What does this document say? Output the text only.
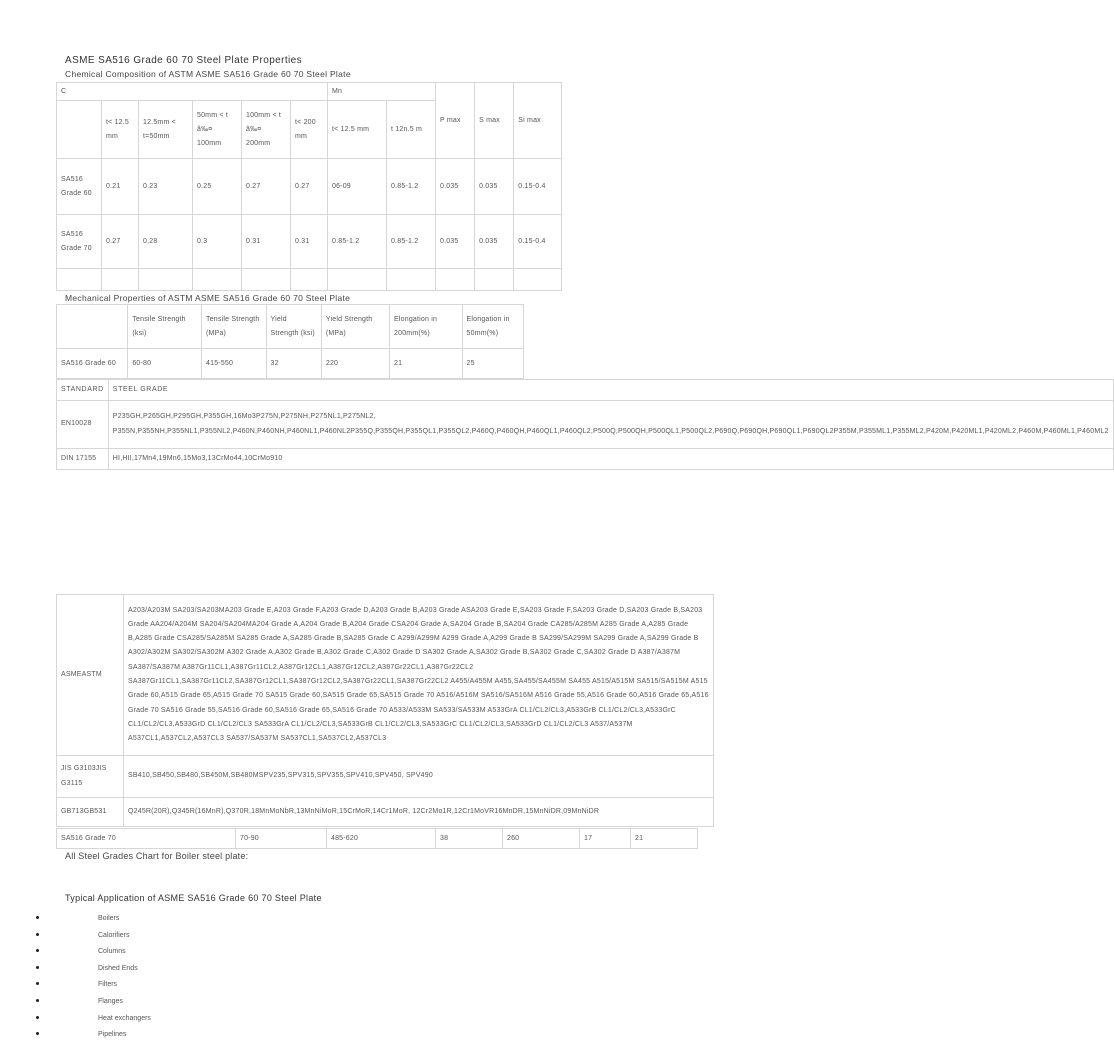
ASME SA516 Grade 60 70 Steel Plate Properties
Chemical Composition of ASTM ASME SA516 Grade 60 70 Steel Plate
C						Mn		P max	S max	Si max
	t< 12.5 mm	12.5mm < t=50mm	50mm < t â‰¤ 100mm	100mm < t â‰¤ 200mm	t< 200 mm	t< 12.5 mm	t 12n.5 m			
SA516 Grade 60	0.21	0.23	0.25	0.27	0.27	06-09	0.85-1.2	0.035	0.035	0.15-0.4
SA516 Grade 70	0.27	0.28	0.3	0.31	0.31	0.85-1.2	0.85-1.2	0.035	0.035	0.15-0.4

Mechanical Properties of ASTM ASME SA516 Grade 60 70 Steel Plate
	Tensile Strength (ksi)	Tensile Strength (MPa)	Yield Strength (ksi)	Yield Strength (MPa)	Elongation in 200mm(%)	Elongation in 50mm(%)
SA516 Grade 60	60-80	415-550	32	220	21	25
STANDARD	STEEL GRADE
EN10028	P235GH,P265GH,P295GH,P355GH,16Mo3P275N,P275NH,P275NL1,P275NL2, P355N,P355NH,P355NL1,P355NL2,P460N,P460NH,P460NL1,P460NL2P355Q,P355QH,P355QL1,P355QL2,P460Q,P460QH,P460QL1,P460QL2,P500Q,P500QH,P500QL1,P500QL2,P690Q,P690QH,P690QL1,P690QL2P355M,P355ML1,P355ML2,P420M,P420ML1,P420ML2,P460M,P460ML1,P460ML2
DIN 17155	HI,HII,17Mn4,19Mn6,15Mo3,13CrMo44,10CrMo910
ASMEASTM	A203/A203M SA203/SA203MA203 Grade E,A203 Grade F,A203 Grade D,A203 Grade B,A203 Grade ASA203 Grade E,SA203 Grade F,SA203 Grade D,SA203 Grade B,SA203 Grade AA204/A204M SA204/SA204MA204 Grade A,A204 Grade B,A204 Grade CSA204 Grade A,SA204 Grade B,SA204 Grade CA285/A285M A285 Grade A,A285 Grade B,A285 Grade CSA285/SA285M SA285 Grade A,SA285 Grade B,SA285 Grade C A299/A299M A299 Grade A,A299 Grade B SA299/SA299M SA299 Grade A,SA299 Grade B A302/A302M SA302/SA302M A302 Grade A,A302 Grade B,A302 Grade C,A302 Grade D SA302 Grade A,SA302 Grade B,SA302 Grade C,SA302 Grade D A387/A387M SA387/SA387M A387Gr11CL1,A387Gr11CL2,A387Gr12CL1,A387Gr12CL2,A387Gr22CL1,A387Gr22CL2 SA387Gr11CL1,SA387Gr11CL2,SA387Gr12CL1,SA387Gr12CL2,SA387Gr22CL1,SA387Gr22CL2 A455/A455M A455,SA455/SA455M SA455 A515/A515M SA515/SA515M A515 Grade 60,A515 Grade 65,A515 Grade 70 SA515 Grade 60,SA515 Grade 65,SA515 Grade 70 A516/A516M SA516/SA516M A516 Grade 55,A516 Grade 60,A516 Grade 65,A516 Grade 70 SA516 Grade 55,SA516 Grade 60,SA516 Grade 65,SA516 Grade 70 A533/A533M SA533/SA533M A533GrA CL1/CL2/CL3,A533GrB CL1/CL2/CL3,A533GrC CL1/CL2/CL3,A533GrD CL1/CL2/CL3 SA533GrA CL1/CL2/CL3,SA533GrB CL1/CL2/CL3,SA533GrC CL1/CL2/CL3,SA533GrD CL1/CL2/CL3 A537/A537M A537CL1,A537CL2,A537CL3 SA537/SA537M SA537CL1,SA537CL2,A537CL3
JIS G3103JIS G3115	SB410,SB450,SB480,SB450M,SB480MSPV235,SPV315,SPV355,SPV410,SPV450, SPV490
GB713GB531	Q245R(20R),Q345R(16MnR),Q370R,18MnMoNbR,13MnNiMoR,15CrMoR,14Cr1MoR, 12Cr2Mo1R,12Cr1MoVR16MnDR,15MnNiDR,09MnNiDR
SA516 Grade 70	70-90	485-620	38	260	17	21
All Steel Grades Chart for Boiler steel plate:
Typical Application of ASME SA516 Grade 60 70 Steel Plate
• Boilers
• Calorifiers
• Columns
• Dished Ends
• Filters
• Flanges
• Heat exchangers
• Pipelines
